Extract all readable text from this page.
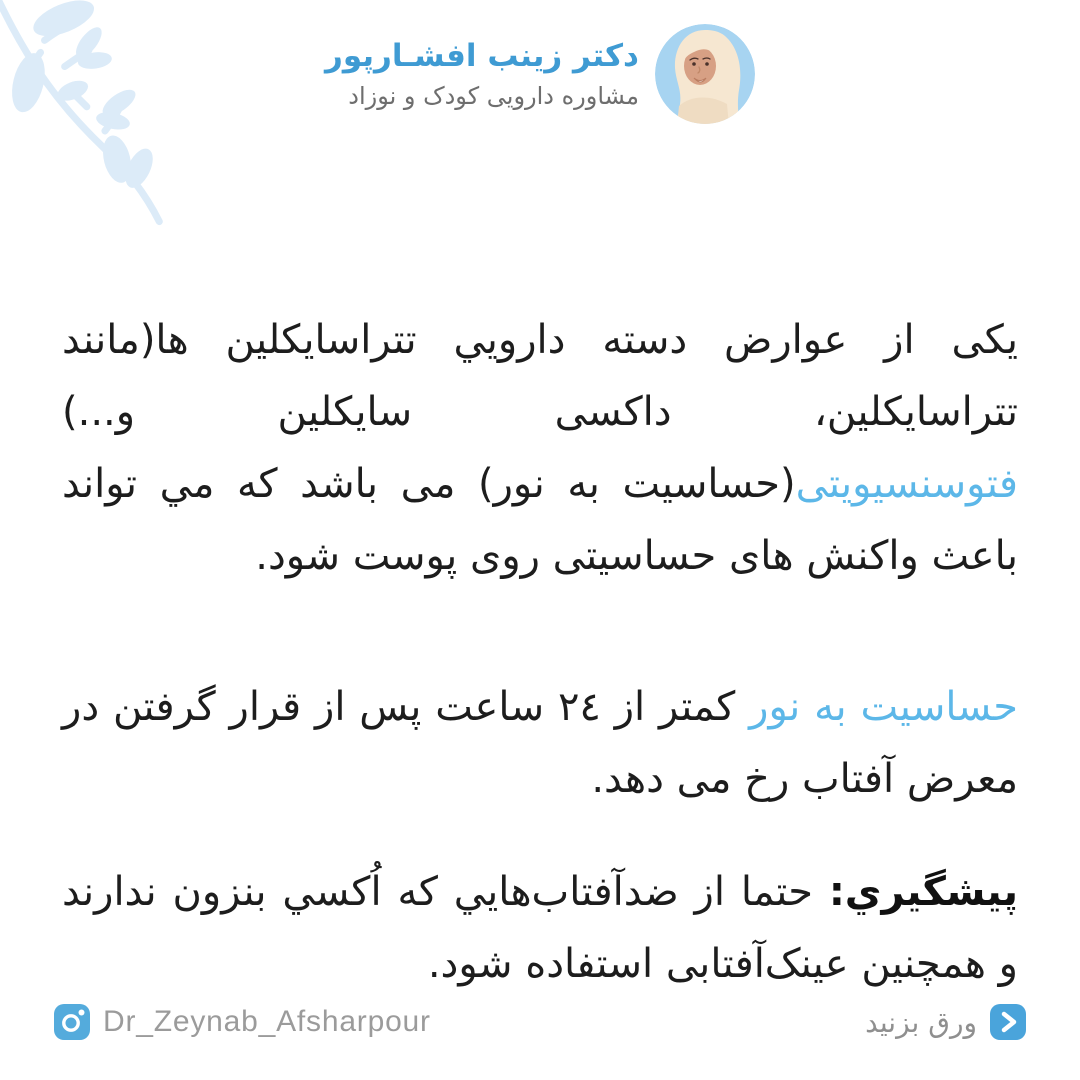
دکتر زینب افشـارپور
مشاوره دارویی کودک و نوزاد

یکی از عوارض دسته دارويي تتراسایکلین ها(مانند تتراسایکلین، داکسی سایکلین و...) فتوسنسیویتی(حساسیت به نور) می باشد که مي تواند باعث واکنش های حساسیتی روی پوست شود.

حساسیت به نور کمتر از ۲٤ ساعت پس از قرار گرفتن در معرض آفتاب رخ می دهد.

پیشگیري: حتما از ضدآفتاب‌هایي که اُکسي بنزون ندارند و همچنین عینک‌آفتابی استفاده شود.

Dr_Zeynab_Afsharpour	ورق بزنید
